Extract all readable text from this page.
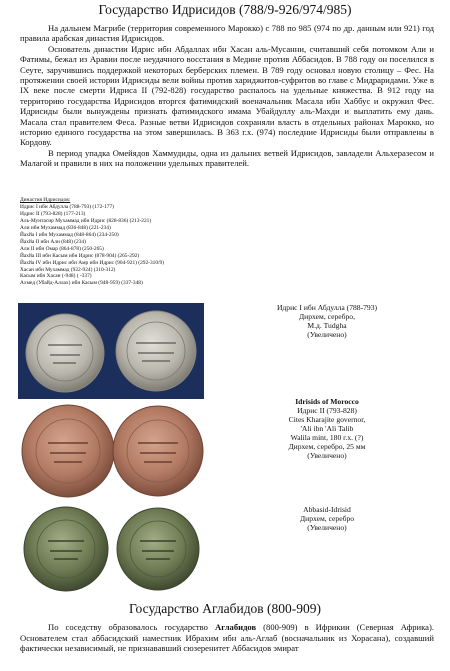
Государство Идрисидов (788/9-926/974/985)

На дальнем Магрибе (территория современного Марокко) с 788 по 985 (974 по др. данным или 921) год правила арабская династия Идрисидов.

Основатель династии Идрис ибн Абдаллах ибн Хасан аль-Мусанни, считавший себя потомком Али и Фатимы, бежал из Аравии после неудачного восстания в Медине против Аббасидов. В 788 году он поселился в Сеуте, заручившись поддержкой некоторых берберских племен. В 789 году основал новую столицу – Фес. На протяжении своей истории Идрисиды вели войны против хариджитов-суфритов во главе с Мидраридами. Уже в IX веке после смерти Идриса II (792-828) государство распалось на удельные княжества. В 912 году на территорию государства Идрисидов вторгся фатимидский военачальник Масала ибн Хаббус и окружил Фес. Идрисиды были вынуждены признать фатимидского имама Убайдуллу аль-Махди и выплатить ему дань. Масала стал правителем Феса. Разные ветви Идрисидов сохраняли власть в отдельных районах Марокко, но историю единого государства на этом завершилась. В 363 г.х. (974) последние Идрисиды были отправлены в Кордову.

В период упадка Омейядов Хаммудиды, одна из дальних ветвей Идрисидов, завладели Альхеразесом и Малагой и правили в них на положении удельных правителей.

Династия Идрисидов:
Идрис I ибн Абдулла (788-793) (172-177)
Идрис II (793-828) (177-213)
Аль-Мунтасир Мухаммад ибн Идрис (828-836) (213-221)
Али ибн Мухаммад (836-848) (221-234)
Йахйа I ибн Мухаммад (848-864) (234-250)
Йахйа II ибн Али (848) (234)
Али II ибн Омар (864-878) (250-265)
Йахйа III ибн Касым ибн Идрис (878-904) (265-292)
Йахйа IV ибн Идрис ибн Амр ибн Идрис (904-921) (292-310/9)
Хасан ибн Мухаммад (922-924) (310-312)
Касым ибн Хасан (-948) ( -337)
Ахмед (Убайд-Аллах) ибн Касым (948-959) (337-348)
Идрис I ибн Абдулла (788-793)
Дирхем, серебро,
М.д. Tudgha
(Увеличено)
Idrisids of Morocco
Идрис II (793-828)
Cites Kharajite governor,
'Ali ibn 'Ali Talib
Walila mint, 180 г.х. (?)
Дирхем, серебро, 25 мм
(Увеличено)
Abbasid-Idrisid
Дирхем, серебро
(Увеличено)
Государство Аглабидов (800-909)

По соседству образовалось государство Аглабидов (800-909) в Ифрикии (Северная Африка). Основателем стал аббасидский наместник Ибрахим ибн аль-Аглаб (восначальник из Хорасана), создавший фактически независимый, не признававший сюзеренитет Аббасидов эмират
